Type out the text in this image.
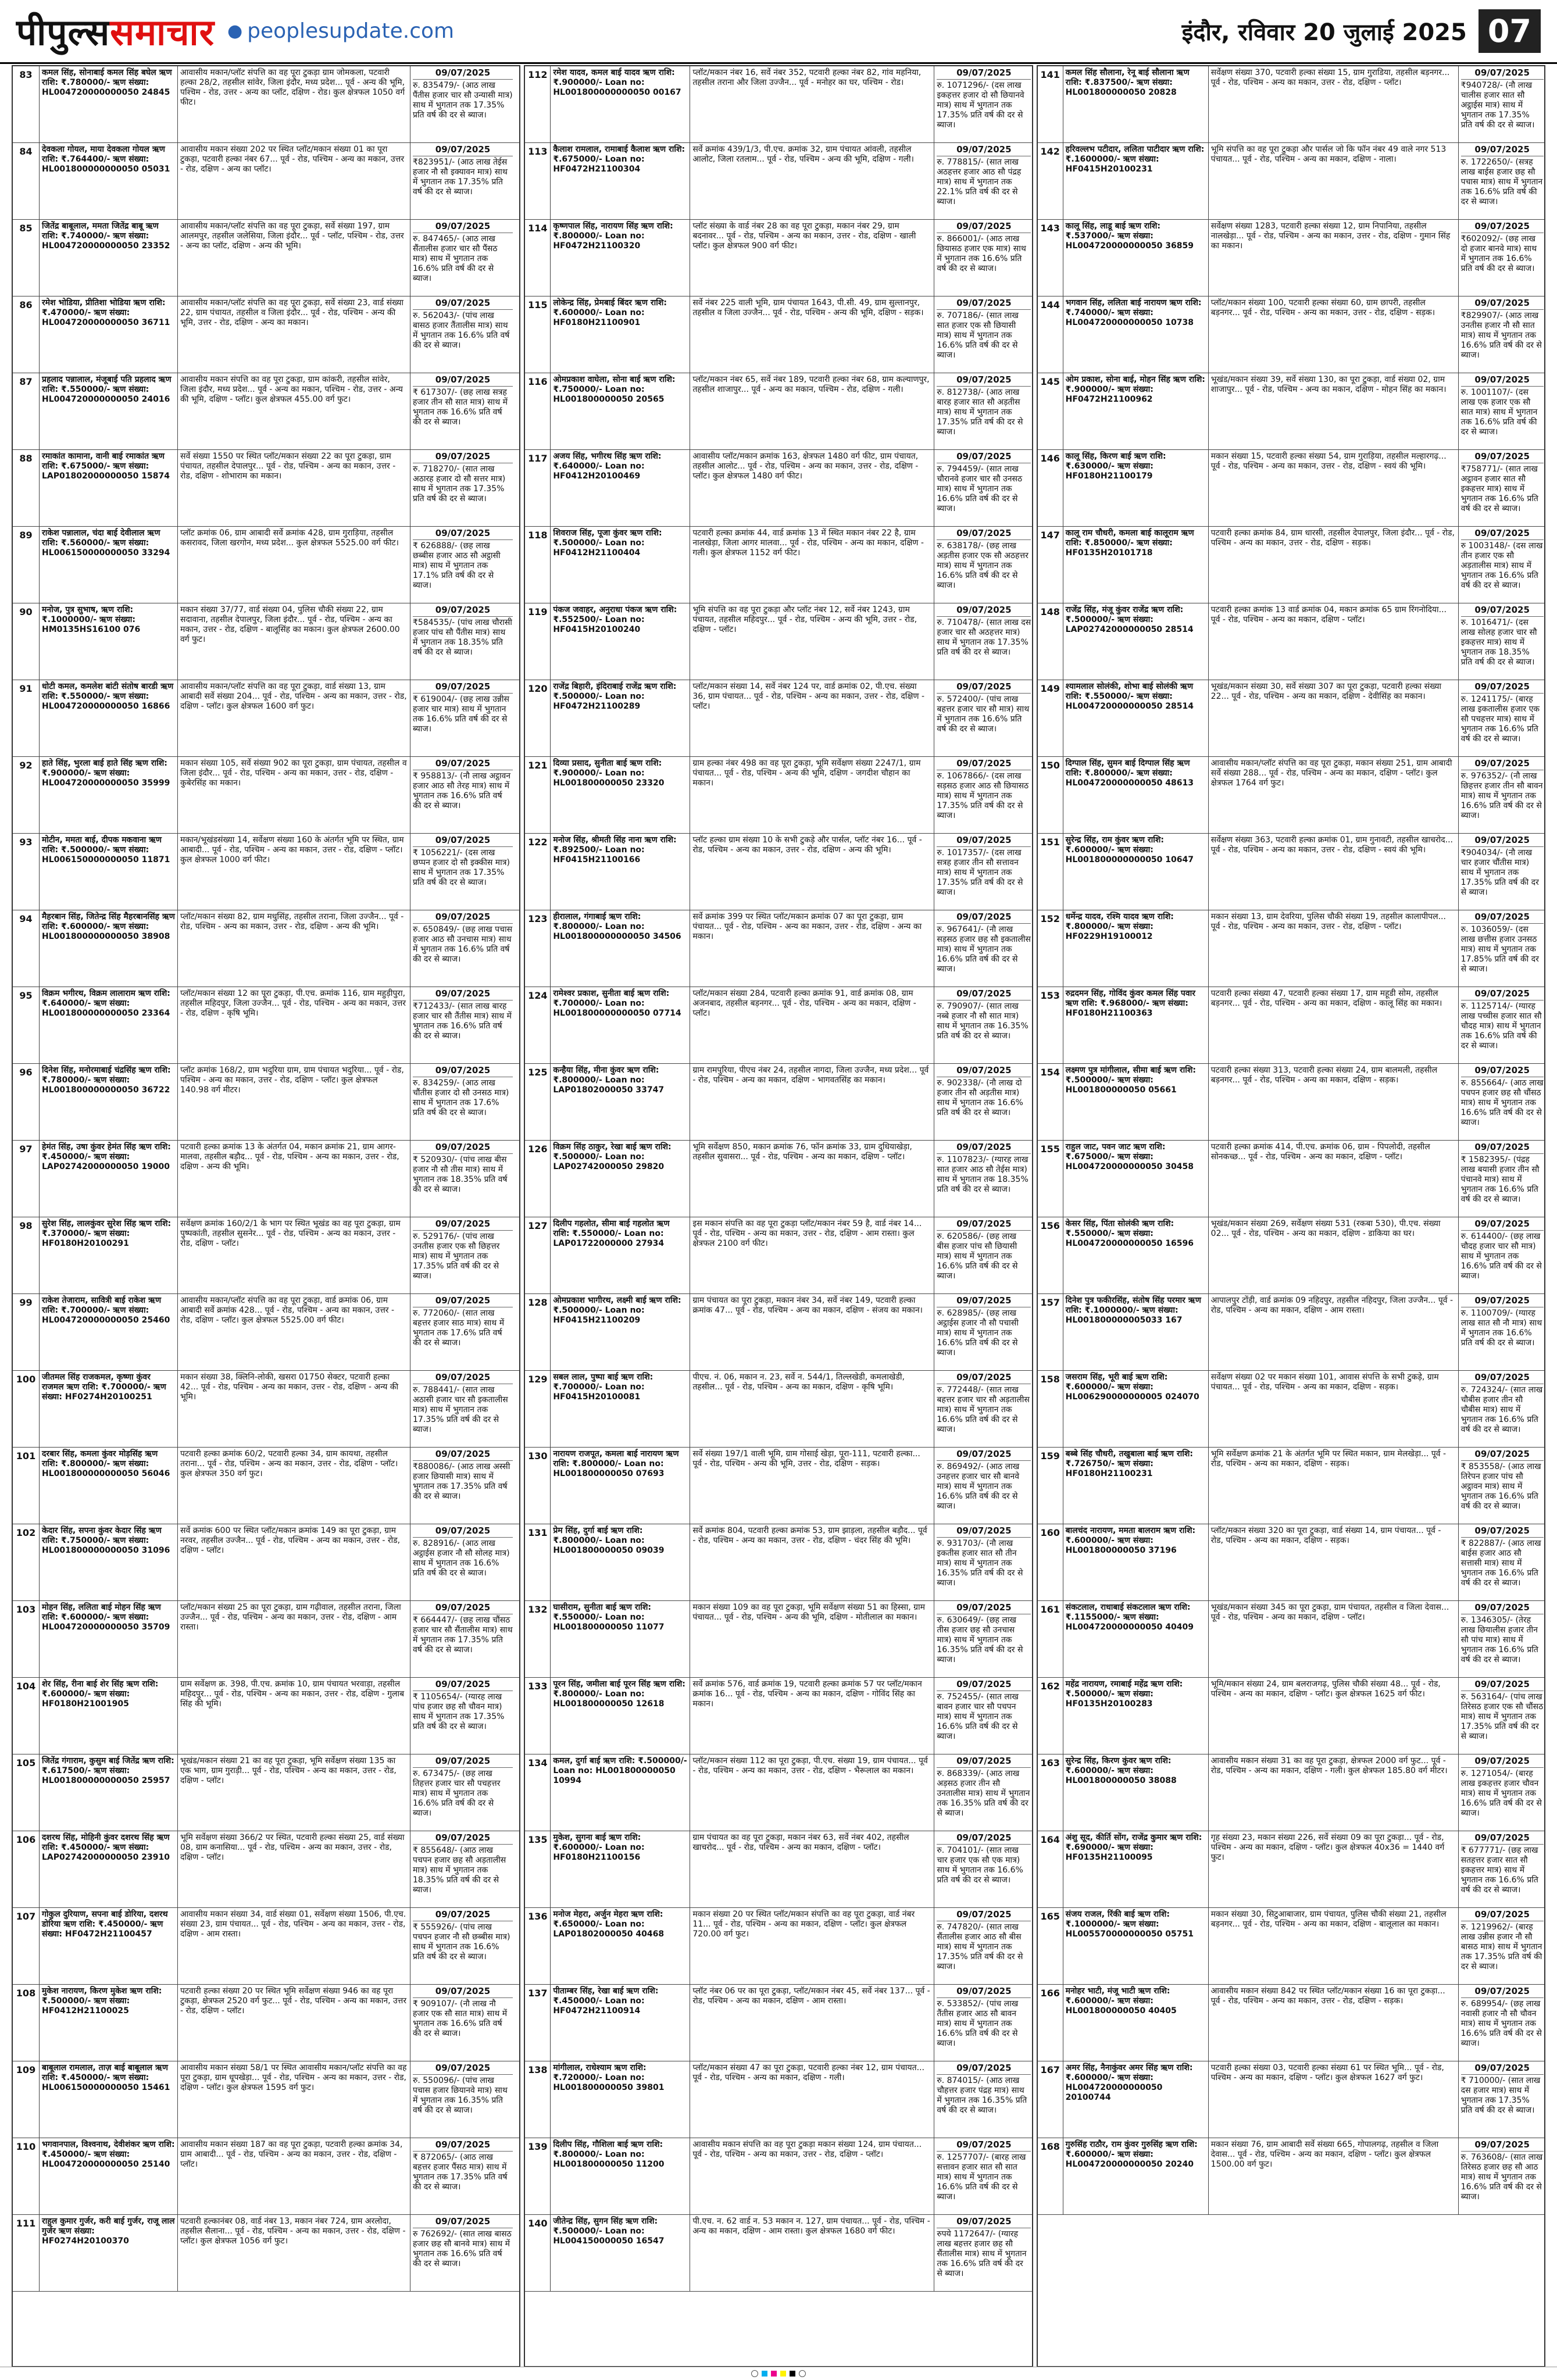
पीपुल्ससमाचार ● peoplesupdate.com	इंदौर, रविवार 20 जुलाई 2025 07
83	कमल सिंह, सोनाबाई कमल सिंह बघेल ऋण राशि: ₹.780000/- ऋण संख्या: HL004720000000050 24845
आवासीय मकान/प्लॉट संपत्ति का वह पूरा टुकड़ा ग्राम जोमकला, पटवारी हल्का 28/2, तहसील सांवेर, जिला इंदौर, मध्य प्रदेश... पूर्व - अन्य की भूमि, पश्चिम - रोड, उत्तर - अन्य का प्लॉट, दक्षिण - रोड। कुल क्षेत्रफल 1050 वर्ग फीट।
09/07/2025
रु. 835479/- (आठ लाख पैंतीस हजार चार सौ उन्यासी मात्र) साथ में भुगतान तक 17.35% प्रति वर्ष की दर से ब्याज।
84	देवकला गोयल, माया देवकला गोयल ऋण राशि: ₹.764400/- ऋण संख्या: HL001800000000050 05031
आवासीय मकान संख्या 202 पर स्थित प्लॉट/मकान संख्या 01 का पूरा टुकड़ा, पटवारी हल्का नंबर 67... पूर्व - रोड, पश्चिम - अन्य का मकान, उत्तर - रोड, दक्षिण - अन्य का प्लॉट।
09/07/2025
₹823951/- (आठ लाख तेईस हजार नौ सौ इक्यावन मात्र) साथ में भुगतान तक 17.35% प्रति वर्ष की दर से ब्याज।
85	जितेंद्र बाबूलाल, ममता जितेंद्र बाबू ऋण राशि: ₹.740000/- ऋण संख्या: HL004720000000050 23352
आवासीय मकान/प्लॉट संपत्ति का वह पूरा टुकड़ा, सर्वे संख्या 197, ग्राम आलमपुर, तहसील जलेसिया, जिला इंदौर... पूर्व - प्लॉट, पश्चिम - रोड, उत्तर - अन्य का प्लॉट, दक्षिण - अन्य की भूमि।
09/07/2025
रु. 847465/- (आठ लाख सैंतालीस हजार चार सौ पैंसठ मात्र) साथ में भुगतान तक 16.6% प्रति वर्ष की दर से ब्याज।
86	रमेश भोडिया, प्रीतिशा भोडिया ऋण राशि: ₹.470000/- ऋण संख्या: HL004720000000050 36711
आवासीय मकान/प्लॉट संपत्ति का वह पूरा टुकड़ा, सर्वे संख्या 23, वार्ड संख्या 22, ग्राम पंचायत, तहसील व जिला इंदौर... पूर्व - रोड, पश्चिम - अन्य की भूमि, उत्तर - रोड, दक्षिण - अन्य का मकान।
09/07/2025
रु. 562043/- (पांच लाख बासठ हजार तैंतालीस मात्र) साथ में भुगतान तक 16.6% प्रति वर्ष की दर से ब्याज।
87	प्रहलाद पन्नालाल, मंजूबाई पति प्रहलाद ऋण राशि: ₹.550000/- ऋण संख्या: HL004720000000050 24016
आवासीय मकान संपत्ति का वह पूरा टुकड़ा, ग्राम कांकरी, तहसील सांवेर, जिला इंदौर, मध्य प्रदेश... पूर्व - अन्य का मकान, पश्चिम - रोड, उत्तर - अन्य की भूमि, दक्षिण - प्लॉट। कुल क्षेत्रफल 455.00 वर्ग फुट।
09/07/2025
₹ 617307/- (छह लाख सत्रह हजार तीन सौ सात मात्र) साथ में भुगतान तक 16.6% प्रति वर्ष की दर से ब्याज।
88	रमाकांत कामाना, वानी बाई रमाकांत ऋण राशि: ₹.675000/- ऋण संख्या: LAP01802000000050 15874
सर्वे संख्या 1550 पर स्थित प्लॉट/मकान संख्या 22 का पूरा टुकड़ा, ग्राम पंचायत, तहसील देपालपुर... पूर्व - रोड, पश्चिम - अन्य का मकान, उत्तर - रोड, दक्षिण - शोभाराम का मकान।
09/07/2025
रु. 718270/- (सात लाख अठारह हजार दो सौ सत्तर मात्र) साथ में भुगतान तक 17.35% प्रति वर्ष की दर से ब्याज।
89	राकेश पन्नालाल, चंदा बाई देवीलाल ऋण राशि: ₹.560000/- ऋण संख्या: HL006150000000050 33294
प्लॉट क्रमांक 06, ग्राम आबादी सर्वे क्रमांक 428, ग्राम गुराड़िया, तहसील कसरावद, जिला खरगोन, मध्य प्रदेश... कुल क्षेत्रफल 5525.00 वर्ग फीट।
09/07/2025
₹ 626888/- (छह लाख छब्बीस हजार आठ सौ अट्ठासी मात्र) साथ में भुगतान तक 17.1% प्रति वर्ष की दर से ब्याज।
90	मनोज, पुत्र सुभाष, ऋण राशि: ₹.1000000/- ऋण संख्या: HM0135HS16100 076
मकान संख्या 37/77, वार्ड संख्या 04, पुलिस चौकी संख्या 22, ग्राम सदावाना, तहसील देपालपुर, जिला इंदौर... पूर्व - रोड, पश्चिम - अन्य का मकान, उत्तर - रोड, दक्षिण - बालूसिंह का मकान। कुल क्षेत्रफल 2600.00 वर्ग फुट।
09/07/2025
₹584535/- (पांच लाख चौरासी हजार पांच सौ पैंतीस मात्र) साथ में भुगतान तक 18.35% प्रति वर्ष की दर से ब्याज।
91	धोटी कमल, कमलेश बांटी संतोष बारडी ऋण राशि: ₹.550000/- ऋण संख्या: HL004720000000050 16866
आवासीय मकान/प्लॉट संपत्ति का वह पूरा टुकड़ा, वार्ड संख्या 13, ग्राम आबादी सर्वे संख्या 204... पूर्व - रोड, पश्चिम - अन्य का मकान, उत्तर - रोड, दक्षिण - प्लॉट। कुल क्षेत्रफल 1600 वर्ग फुट।
09/07/2025
₹ 619004/- (छह लाख उन्नीस हजार चार मात्र) साथ में भुगतान तक 16.6% प्रति वर्ष की दर से ब्याज।
92	हाते सिंह, भुरला बाई हाते सिंह ऋण राशि: ₹.900000/- ऋण संख्या: HL004720000000050 35999
मकान संख्या 105, सर्वे संख्या 902 का पूरा टुकड़ा, ग्राम पंचायत, तहसील व जिला इंदौर... पूर्व - रोड, पश्चिम - अन्य का मकान, उत्तर - रोड, दक्षिण - कुबेरसिंह का मकान।
09/07/2025
₹ 958813/- (नौ लाख अट्ठावन हजार आठ सौ तेरह मात्र) साथ में भुगतान तक 16.6% प्रति वर्ष की दर से ब्याज।
93	मोटीन, ममता बाई, दीपक मकवाना ऋण राशि: ₹.500000/- ऋण संख्या: HL006150000000050 11871
मकान/भूखंडसंख्या 14, सर्वेक्षण संख्या 160 के अंतर्गत भूमि पर स्थित, ग्राम आबादी... पूर्व - रोड, पश्चिम - अन्य का मकान, उत्तर - रोड, दक्षिण - प्लॉट। कुल क्षेत्रफल 1000 वर्ग फीट।
09/07/2025
₹ 1056221/- (दस लाख छप्पन हजार दो सौ इक्कीस मात्र) साथ में भुगतान तक 17.35% प्रति वर्ष की दर से ब्याज।
94	मैहरबान सिंह, जितेन्द्र सिंह मैहरबानसिंह ऋण राशि: ₹.600000/- ऋण संख्या: HL001800000000050 38908
प्लॉट/मकान संख्या 82, ग्राम मधुसिंह, तहसील तराना, जिला उज्जैन... पूर्व - रोड, पश्चिम - अन्य का मकान, उत्तर - रोड, दक्षिण - अन्य की भूमि।
09/07/2025
रु. 650849/- (छह लाख पचास हजार आठ सौ उनचास मात्र) साथ में भुगतान तक 16.6% प्रति वर्ष की दर से ब्याज।
95	विक्रम भगीरथ, विक्रम लालाराम ऋण राशि: ₹.640000/- ऋण संख्या: HL001800000000050 23364
प्लॉट/मकान संख्या 12 का पूरा टुकड़ा, पी.एच. क्रमांक 116, ग्राम महुड़ीपुरा, तहसील महिदपुर, जिला उज्जैन... पूर्व - रोड, पश्चिम - अन्य का मकान, उत्तर - रोड, दक्षिण - कृषि भूमि।
09/07/2025
₹712433/- (सात लाख बारह हजार चार सौ तैंतीस मात्र) साथ में भुगतान तक 16.6% प्रति वर्ष की दर से ब्याज।
96	दिनेश सिंह, मनोरमाबाई चंद्रसिंह ऋण राशि: ₹.780000/- ऋण संख्या: HL001800000000050 36722
प्लॉट क्रमांक 168/2, ग्राम भदुरिया ग्राम, ग्राम पंचायत भदुरिया... पूर्व - रोड, पश्चिम - अन्य का मकान, उत्तर - रोड, दक्षिण - प्लॉट। कुल क्षेत्रफल 140.98 वर्ग मीटर।
09/07/2025
रु. 834259/- (आठ लाख चौंतीस हजार दो सौ उनसठ मात्र) साथ में भुगतान तक 17.6% प्रति वर्ष की दर से ब्याज।
97	हेमंत सिंह, उषा कुंवर हेमंत सिंह ऋण राशि: ₹.450000/- ऋण संख्या: LAP02742000000050 19000
पटवारी हल्का क्रमांक 13 के अंतर्गत 04, मकान क्रमांक 21, ग्राम आगर-मालवा, तहसील बड़ौद... पूर्व - रोड, पश्चिम - अन्य का मकान, उत्तर - रोड, दक्षिण - अन्य की भूमि।
09/07/2025
₹ 520930/- (पांच लाख बीस हजार नौ सौ तीस मात्र) साथ में भुगतान तक 18.35% प्रति वर्ष की दर से ब्याज।
98	सुरेश सिंह, लालकुंवर सुरेश सिंह ऋण राशि: ₹.370000/- ऋण संख्या: HF0180H20100291
सर्वेक्षण क्रमांक 160/2/1 के भाग पर स्थित भूखंड का वह पूरा टुकड़ा, ग्राम पुष्पकांती, तहसील सुसनेर... पूर्व - रोड, पश्चिम - अन्य का मकान, उत्तर - रोड, दक्षिण - प्लॉट।
09/07/2025
रु. 529176/- (पांच लाख उनतीस हजार एक सौ छिहत्तर मात्र) साथ में भुगतान तक 17.35% प्रति वर्ष की दर से ब्याज।
99	राकेश तेजाराम, सावित्री बाई राकेश ऋण राशि: ₹.700000/- ऋण संख्या: HL004720000000050 25460
आवासीय मकान/प्लॉट संपत्ति का वह पूरा टुकड़ा, वार्ड क्रमांक 06, ग्राम आबादी सर्वे क्रमांक 428... पूर्व - रोड, पश्चिम - अन्य का मकान, उत्तर - रोड, दक्षिण - प्लॉट। कुल क्षेत्रफल 5525.00 वर्ग फीट।
09/07/2025
रु. 772060/- (सात लाख बहत्तर हजार साठ मात्र) साथ में भुगतान तक 17.6% प्रति वर्ष की दर से ब्याज।
100 जीतमल सिंह राजकमल, कृष्णा कुंवर राजमल ऋण राशि: ₹.700000/- ऋण संख्या: HF0274H20100251
मकान संख्या 38, क्लिनि-लोकी, खसरा 01750 सेक्टर, पटवारी हल्का 42... पूर्व - रोड, पश्चिम - अन्य का मकान, उत्तर - रोड, दक्षिण - अन्य की भूमि।
09/07/2025
रु. 788441/- (सात लाख अठासी हजार चार सौ इकतालीस मात्र) साथ में भुगतान तक 17.35% प्रति वर्ष की दर से ब्याज।
101 दरबार सिंह, कमला कुंवर मोड़सिंह ऋण राशि: ₹.800000/- ऋण संख्या: HL001800000000050 56046
पटवारी हल्का क्रमांक 60/2, पटवारी हल्का 34, ग्राम कायथा, तहसील तराना... पूर्व - रोड, पश्चिम - अन्य का मकान, उत्तर - रोड, दक्षिण - प्लॉट। कुल क्षेत्रफल 350 वर्ग फुट।
09/07/2025
₹880086/- (आठ लाख अस्सी हजार छियासी मात्र) साथ में भुगतान तक 17.35% प्रति वर्ष की दर से ब्याज।
102 केदार सिंह, सपना कुंवर केदार सिंह ऋण राशि: ₹.750000/- ऋण संख्या: HL001800000000050 31096
सर्वे क्रमांक 600 पर स्थित प्लॉट/मकान क्रमांक 149 का पूरा टुकड़ा, ग्राम नरवर, तहसील उज्जैन... पूर्व - रोड, पश्चिम - अन्य का मकान, उत्तर - रोड, दक्षिण - प्लॉट।
09/07/2025
रु. 828916/- (आठ लाख अट्ठाईस हजार नौ सौ सोलह मात्र) साथ में भुगतान तक 16.6% प्रति वर्ष की दर से ब्याज।
103 मोहन सिंह, ललिता बाई मोहन सिंह ऋण राशि: ₹.600000/- ऋण संख्या: HL004720000000050 35709
प्लॉट/मकान संख्या 25 का पूरा टुकड़ा, ग्राम गढ़ीवाल, तहसील तराना, जिला उज्जैन... पूर्व - रोड, पश्चिम - अन्य का मकान, उत्तर - रोड, दक्षिण - आम रास्ता।
09/07/2025
₹ 664447/- (छह लाख चौंसठ हजार चार सौ सैंतालीस मात्र) साथ में भुगतान तक 17.35% प्रति वर्ष की दर से ब्याज।
104 शेर सिंह, रीना बाई शेर सिंह ऋण राशि: ₹.600000/- ऋण संख्या: HF0180H21001905
ग्राम सर्वेक्षण क्र. 398, पी.एच. क्रमांक 10, ग्राम पंचायत भरवाड़ा, तहसील महिदपुर... पूर्व - रोड, पश्चिम - अन्य का मकान, उत्तर - रोड, दक्षिण - गुलाब सिंह की भूमि।
09/07/2025
₹ 1105654/- (ग्यारह लाख पांच हजार छह सौ चौवन मात्र) साथ में भुगतान तक 17.35% प्रति वर्ष की दर से ब्याज।
105 जितेंद्र गंगाराम, कुसुम बाई जितेंद्र ऋण राशि: ₹.617500/- ऋण संख्या: HL001800000000050 25957
भूखंड/मकान संख्या 21 का वह पूरा टुकड़ा, भूमि सर्वेक्षण संख्या 135 का एक भाग, ग्राम गुराड़ी... पूर्व - रोड, पश्चिम - अन्य का मकान, उत्तर - रोड, दक्षिण - प्लॉट।
09/07/2025
रु. 673475/- (छह लाख तिहत्तर हजार चार सौ पचहत्तर मात्र) साथ में भुगतान तक 16.6% प्रति वर्ष की दर से ब्याज।
106 दशरथ सिंह, मोहिनी कुंवर दशरथ सिंह ऋण राशि: ₹.450000/- ऋण संख्या: LAP02742000000050 23910
भूमि सर्वेक्षण संख्या 366/2 पर स्थित, पटवारी हल्का संख्या 25, वार्ड संख्या 08, ग्राम कनासिया... पूर्व - रोड, पश्चिम - अन्य का मकान, उत्तर - रोड, दक्षिण - प्लॉट।
09/07/2025
₹ 855648/- (आठ लाख पचपन हजार छह सौ अड़तालीस मात्र) साथ में भुगतान तक 18.35% प्रति वर्ष की दर से ब्याज।
107 गोकुल दुरियाण, सपना बाई डोरिया, दशरथ डोरिया ऋण राशि: ₹.450000/- ऋण संख्या: HF0472H21100457
आवासीय मकान संख्या 34, वार्ड संख्या 01, सर्वेक्षण संख्या 1506, पी.एच. संख्या 23, ग्राम पंचायत... पूर्व - रोड, पश्चिम - अन्य का मकान, उत्तर - रोड, दक्षिण - आम रास्ता।
09/07/2025
₹ 555926/- (पांच लाख पचपन हजार नौ सौ छब्बीस मात्र) साथ में भुगतान तक 16.6% प्रति वर्ष की दर से ब्याज।
108 मुकेश नारायण, किरण मुकेश ऋण राशि: ₹.500000/- ऋण संख्या: HF0412H21100025
पटवारी हल्का संख्या 20 पर स्थित भूमि सर्वेक्षण संख्या 946 का वह पूरा टुकड़ा, क्षेत्रफल 2520 वर्ग फुट... पूर्व - रोड, पश्चिम - अन्य का मकान, उत्तर - रोड, दक्षिण - प्लॉट।
09/07/2025
₹ 909107/- (नौ लाख नौ हजार एक सौ सात मात्र) साथ में भुगतान तक 16.6% प्रति वर्ष की दर से ब्याज।
109 बाबूलाल रामलाल, ताज़ बाई बाबूलाल ऋण राशि: ₹.450000/- ऋण संख्या: HL006150000000050 15461
आवासीय मकान संख्या 58/1 पर स्थित आवासीय मकान/प्लॉट संपत्ति का वह पूरा टुकड़ा, ग्राम धूपखेड़ा... पूर्व - रोड, पश्चिम - अन्य का मकान, उत्तर - रोड, दक्षिण - प्लॉट। कुल क्षेत्रफल 1595 वर्ग फुट।
09/07/2025
रु. 550096/- (पांच लाख पचास हजार छियानवे मात्र) साथ में भुगतान तक 16.35% प्रति वर्ष की दर से ब्याज।
110 भगवानपाल, विश्वनाथ, देवीशंकर ऋण राशि: ₹.450000/- ऋण संख्या: HL004720000000050 25140
आवासीय मकान संख्या 187 का वह पूरा टुकड़ा, पटवारी हल्का क्रमांक 34, ग्राम आबादी... पूर्व - रोड, पश्चिम - अन्य का मकान, उत्तर - रोड, दक्षिण - प्लॉट।
09/07/2025
₹ 872065/- (आठ लाख बहत्तर हजार पैंसठ मात्र) साथ में भुगतान तक 17.35% प्रति वर्ष की दर से ब्याज।
111 राहुल कुमार गुर्जर, करी बाई गुर्जर, राजू लाल गुर्जर ऋण संख्या: HF0274H20100370
पटवारी हल्कानंबर 08, वार्ड नंबर 13, मकान नंबर 724, ग्राम अरलोदा, तहसील सैलाना... पूर्व - रोड, पश्चिम - अन्य का मकान, उत्तर - रोड, दक्षिण - प्लॉट। कुल क्षेत्रफल 1056 वर्ग फुट।
09/07/2025
रु 762692/- (सात लाख बासठ हजार छह सौ बानवे मात्र) साथ में भुगतान तक 16.6% प्रति वर्ष की दर से ब्याज।
112 रमेश यादव, कमल बाई यादव ऋण राशि: ₹.900000/- Loan no: HL001800000000050 00167
प्लॉट/मकान नंबर 16, सर्वे नंबर 352, पटवारी हल्का नंबर 82, गांव महनिया, तहसील तराना और जिला उज्जैन... पूर्व - मनोहर का घर, पश्चिम - रोड।
09/07/2025
रु. 1071296/- (दस लाख इकहत्तर हजार दो सौ छियानवे मात्र) साथ में भुगतान तक 17.35% प्रति वर्ष की दर से ब्याज।
113 कैलाश रामलाल, रामाबाई कैलाश ऋण राशि: ₹.675000/- Loan no: HF0472H21100304
सर्वे क्रमांक 439/1/3, पी.एच. क्रमांक 32, ग्राम पंचायत आंवली, तहसील आलोट, जिला रतलाम... पूर्व - रोड, पश्चिम - अन्य की भूमि, दक्षिण - गली।
09/07/2025
रु. 778815/- (सात लाख अठहत्तर हजार आठ सौ पंद्रह मात्र) साथ में भुगतान तक 22.1% प्रति वर्ष की दर से ब्याज।
114 कृष्णपाल सिंह, नारायण सिंह ऋण राशि: ₹.800000/- Loan no: HF0472H21100320
प्लॉट संख्या के वार्ड नंबर 28 का वह पूरा टुकड़ा, मकान नंबर 29, ग्राम बदनावर... पूर्व - रोड, पश्चिम - अन्य का मकान, उत्तर - रोड, दक्षिण - खाली प्लॉट। कुल क्षेत्रफल 900 वर्ग फीट।
09/07/2025
रु. 866001/- (आठ लाख छियासठ हजार एक मात्र) साथ में भुगतान तक 16.6% प्रति वर्ष की दर से ब्याज।
115 लोकेन्द्र सिंह, प्रेमबाई बिंदर ऋण राशि: ₹.600000/- Loan no: HF0180H21100901
सर्वे नंबर 225 वाली भूमि, ग्राम पंचायत 1643, पी.सी. 49, ग्राम सुल्तानपुर, तहसील व जिला उज्जैन... पूर्व - रोड, पश्चिम - अन्य की भूमि, दक्षिण - सड़क।
09/07/2025
रु. 707186/- (सात लाख सात हजार एक सौ छियासी मात्र) साथ में भुगतान तक 16.6% प्रति वर्ष की दर से ब्याज।
116 ओमप्रकाश वाघेला, सोना बाई ऋण राशि: ₹.750000/- Loan no: HL001800000050 20565
प्लॉट/मकान नंबर 65, सर्वे नंबर 189, पटवारी हल्का नंबर 68, ग्राम कल्याणपुर, तहसील शाजापुर... पूर्व - अन्य का मकान, पश्चिम - रोड, दक्षिण - गली।
09/07/2025
रु. 812738/- (आठ लाख बारह हजार सात सौ अड़तीस मात्र) साथ में भुगतान तक 17.35% प्रति वर्ष की दर से ब्याज।
117 अजय सिंह, भगीरथ सिंह ऋण राशि: ₹.640000/- Loan no: HF0412H20100469
आवासीय प्लॉट/मकान क्रमांक 163, क्षेत्रफल 1480 वर्ग फीट, ग्राम पंचायत, तहसील आलोट... पूर्व - रोड, पश्चिम - अन्य का मकान, उत्तर - रोड, दक्षिण - प्लॉट। कुल क्षेत्रफल 1480 वर्ग फीट।
09/07/2025
रु. 794459/- (सात लाख चौरानवे हजार चार सौ उनसठ मात्र) साथ में भुगतान तक 16.6% प्रति वर्ष की दर से ब्याज।
118 शिवराज सिंह, पूजा कुंवर ऋण राशि: ₹.500000/- Loan no: HF0412H21100404
पटवारी हल्का क्रमांक 44, वार्ड क्रमांक 13 में स्थित मकान नंबर 22 है, ग्राम नालखेड़ा, जिला आगर मालवा... पूर्व - रोड, पश्चिम - अन्य का मकान, दक्षिण - गली। कुल क्षेत्रफल 1152 वर्ग फीट।
09/07/2025
रु. 638178/- (छह लाख अड़तीस हजार एक सौ अठहत्तर मात्र) साथ में भुगतान तक 16.6% प्रति वर्ष की दर से ब्याज।
119 पंकज जवाहर, अनुराधा पंकज ऋण राशि: ₹.552500/- Loan no: HF0415H20100240
भूमि संपत्ति का वह पूरा टुकड़ा और प्लॉट नंबर 12, सर्वे नंबर 1243, ग्राम पंचायत, तहसील महिदपुर... पूर्व - रोड, पश्चिम - अन्य की भूमि, उत्तर - रोड, दक्षिण - प्लॉट।
09/07/2025
रु. 710478/- (सात लाख दस हजार चार सौ अठहत्तर मात्र) साथ में भुगतान तक 17.35% प्रति वर्ष की दर से ब्याज।
120 राजेंद्र बिहारी, इंदिराबाई राजेंद्र ऋण राशि: ₹.500000/- Loan no: HF0472H21100289
प्लॉट/मकान संख्या 14, सर्वे नंबर 124 पर, वार्ड क्रमांक 02, पी.एच. संख्या 36, ग्राम पंचायत... पूर्व - रोड, पश्चिम - अन्य का मकान, उत्तर - रोड, दक्षिण - प्लॉट।
09/07/2025
रु. 572400/- (पांच लाख बहत्तर हजार चार सौ मात्र) साथ में भुगतान तक 16.6% प्रति वर्ष की दर से ब्याज।
121 दिव्या प्रसाद, सुनीता बाई ऋण राशि: ₹.900000/- Loan no: HL001800000050 23320
ग्राम हल्का नंबर 498 का वह पूरा टुकड़ा, भूमि सर्वेक्षण संख्या 2247/1, ग्राम पंचायत... पूर्व - रोड, पश्चिम - अन्य की भूमि, दक्षिण - जगदीश चौहान का मकान।
09/07/2025
रु. 1067866/- (दस लाख सड़सठ हजार आठ सौ छियासठ मात्र) साथ में भुगतान तक 17.35% प्रति वर्ष की दर से ब्याज।
122 मनोज सिंह, श्रीमती सिंह नाना ऋण राशि: ₹.892500/- Loan no: HF0415H21100166
प्लॉट हल्का ग्राम संख्या 10 के सभी टुकड़े और पार्सल, प्लॉट नंबर 16... पूर्व - रोड, पश्चिम - अन्य का मकान, उत्तर - रोड, दक्षिण - अन्य की भूमि।
09/07/2025
रु. 1017357/- (दस लाख सत्रह हजार तीन सौ सत्तावन मात्र) साथ में भुगतान तक 17.35% प्रति वर्ष की दर से ब्याज।
123 हीरालाल, गंगाबाई ऋण राशि: ₹.800000/- Loan no: HL001800000000050 34506
सर्वे क्रमांक 399 पर स्थित प्लॉट/मकान क्रमांक 07 का पूरा टुकड़ा, ग्राम पंचायत... पूर्व - रोड, पश्चिम - अन्य का मकान, उत्तर - रोड, दक्षिण - अन्य का मकान।
09/07/2025
रु. 967641/- (नौ लाख सड़सठ हजार छह सौ इकतालीस मात्र) साथ में भुगतान तक 16.6% प्रति वर्ष की दर से ब्याज।
124 रामेश्वर प्रकाश, सुनीता बाई ऋण राशि: ₹.700000/- Loan no: HL001800000000050 07714
प्लॉट/मकान संख्या 284, पटवारी हल्का क्रमांक 91, वार्ड क्रमांक 08, ग्राम अजनबाद, तहसील बड़नगर... पूर्व - रोड, पश्चिम - अन्य का मकान, दक्षिण - प्लॉट।
09/07/2025
रु. 790907/- (सात लाख नब्बे हजार नौ सौ सात मात्र) साथ में भुगतान तक 16.35% प्रति वर्ष की दर से ब्याज।
125 कन्हैया सिंह, मीना कुंवर ऋण राशि: ₹.800000/- Loan no: LAP01802000050 33747
ग्राम रामपुरिया, पीएच नंबर 24, तहसील नागदा, जिला उज्जैन, मध्य प्रदेश... पूर्व - रोड, पश्चिम - अन्य का मकान, दक्षिण - भागवतसिंह का मकान।
09/07/2025
रु. 902338/- (नौ लाख दो हजार तीन सौ अड़तीस मात्र) साथ में भुगतान तक 16.6% प्रति वर्ष की दर से ब्याज।
126 विक्रम सिंह ठाकुर, रेखा बाई ऋण राशि: ₹.500000/- Loan no: LAP02742000050 29820
भूमि सर्वेक्षण 850, मकान क्रमांक 76, फॉन क्रमांक 33, ग्राम दुधियाखेड़ा, तहसील सुवासरा... पूर्व - रोड, पश्चिम - अन्य का मकान, दक्षिण - प्लॉट।
09/07/2025
रु. 1107823/- (ग्यारह लाख सात हजार आठ सौ तेईस मात्र) साथ में भुगतान तक 18.35% प्रति वर्ष की दर से ब्याज।
127 दिलीप गहलोत, सीमा बाई गहलोत ऋण राशि: ₹.550000/- Loan no: LAP01722000000 27934
इस मकान संपत्ति का वह पूरा टुकड़ा प्लॉट/मकान नंबर 59 है, वार्ड नंबर 14... पूर्व - रोड, पश्चिम - अन्य का मकान, उत्तर - रोड, दक्षिण - आम रास्ता। कुल क्षेत्रफल 2100 वर्ग फीट।
09/07/2025
रु. 620586/- (छह लाख बीस हजार पांच सौ छियासी मात्र) साथ में भुगतान तक 16.6% प्रति वर्ष की दर से ब्याज।
128 ओमप्रकाश भागीरथ, लक्ष्मी बाई ऋण राशि: ₹.500000/- Loan no: HF0415H21100209
ग्राम पंचायत का पूरा टुकड़ा, मकान नंबर 34, सर्वे नंबर 149, पटवारी हल्का क्रमांक 47... पूर्व - रोड, पश्चिम - अन्य का मकान, दक्षिण - संजय का मकान।
09/07/2025
रु. 628985/- (छह लाख अट्ठाईस हजार नौ सौ पचासी मात्र) साथ में भुगतान तक 16.6% प्रति वर्ष की दर से ब्याज।
129 सबल लाल, पुष्पा बाई ऋण राशि: ₹.700000/- Loan no: HF0415H20100081
पीएच. नं. 06, मकान न. 23, सर्वे न. 544/1, तिल्लखेडी, कमलाखेडी, तहसील... पूर्व - रोड, पश्चिम - अन्य का मकान, दक्षिण - कृषि भूमि।
09/07/2025
रु. 772448/- (सात लाख बहत्तर हजार चार सौ अड़तालीस मात्र) साथ में भुगतान तक 16.6% प्रति वर्ष की दर से ब्याज।
130 नारायण राजपूत, कमला बाई नारायण ऋण राशि: ₹.800000/- Loan no: HL001800000050 07693
सर्वे संख्या 197/1 वाली भूमि, ग्राम गोसाई खेड़ा, पूरा-111, पटवारी हल्का... पूर्व - रोड, पश्चिम - अन्य की भूमि, उत्तर - रोड, दक्षिण - सड़क।
09/07/2025
रु. 869492/- (आठ लाख उनहत्तर हजार चार सौ बानवे मात्र) साथ में भुगतान तक 16.6% प्रति वर्ष की दर से ब्याज।
131 प्रेम सिंह, दुर्गा बाई ऋण राशि: ₹.800000/- Loan no: HL001800000050 09039
सर्वे क्रमांक 804, पटवारी हल्का क्रमांक 53, ग्राम झाड़ला, तहसील बड़ौद... पूर्व - रोड, पश्चिम - अन्य का मकान, उत्तर - रोड, दक्षिण - चंदर सिंह की भूमि।
09/07/2025
रु. 931703/- (नौ लाख इकतीस हजार सात सौ तीन मात्र) साथ में भुगतान तक 16.35% प्रति वर्ष की दर से ब्याज।
132 घासीराम, सुनीता बाई ऋण राशि: ₹.550000/- Loan no: HL001800000050 11077
मकान संख्या 109 का वह पूरा टुकड़ा, भूमि सर्वेक्षण संख्या 51 का हिस्सा, ग्राम पंचायत... पूर्व - रोड, पश्चिम - अन्य की भूमि, दक्षिण - मोतीलाल का मकान।
09/07/2025
रु. 630649/- (छह लाख तीस हजार छह सौ उनचास मात्र) साथ में भुगतान तक 16.35% प्रति वर्ष की दर से ब्याज।
133 पूरन सिंह, जमीला बाई पूरन सिंह ऋण राशि: ₹.800000/- Loan no: HL001800000050 12618
सर्वे क्रमांक 576, वार्ड क्रमांक 19, पटवारी हल्का क्रमांक 57 पर प्लॉट/मकान क्रमांक 16... पूर्व - रोड, पश्चिम - अन्य का मकान, दक्षिण - गोविंद सिंह का मकान।
09/07/2025
रु. 752455/- (सात लाख बावन हजार चार सौ पचपन मात्र) साथ में भुगतान तक 16.6% प्रति वर्ष की दर से ब्याज।
134 कमल, दुर्गा बाई ऋण राशि: ₹.500000/- Loan no: HL001800000050 10994
प्लॉट/मकान संख्या 112 का पूरा टुकड़ा, पी.एच. संख्या 19, ग्राम पंचायत... पूर्व - रोड, पश्चिम - अन्य का मकान, उत्तर - रोड, दक्षिण - भैरूलाल का मकान।
09/07/2025
रु. 868339/- (आठ लाख अड़सठ हजार तीन सौ उनतालीस मात्र) साथ में भुगतान तक 16.35% प्रति वर्ष की दर से ब्याज।
135 मुकेश, सुगना बाई ऋण राशि: ₹.600000/- Loan no: HF0180H21100156
ग्राम पंचायत का वह पूरा टुकड़ा, मकान नंबर 63, सर्वे नंबर 402, तहसील खाचरोद... पूर्व - रोड, पश्चिम - अन्य का मकान, दक्षिण - प्लॉट।
09/07/2025
रु. 704101/- (सात लाख चार हजार एक सौ एक मात्र) साथ में भुगतान तक 16.6% प्रति वर्ष की दर से ब्याज।
136 मनोज मेहरा, अर्जुन मेहरा ऋण राशि: ₹.650000/- Loan no: LAP01802000050 40468
मकान संख्या 20 पर स्थित प्लॉट/मकान संपत्ति का वह पूरा टुकड़ा, वार्ड नंबर 11... पूर्व - रोड, पश्चिम - अन्य का मकान, दक्षिण - प्लॉट। कुल क्षेत्रफल 720.00 वर्ग फुट।
09/07/2025
रु. 747820/- (सात लाख सैंतालीस हजार आठ सौ बीस मात्र) साथ में भुगतान तक 17.35% प्रति वर्ष की दर से ब्याज।
137 पीताम्बर सिंह, रेखा बाई ऋण राशि: ₹.450000/- Loan no: HF0472H21100914
प्लॉट नंबर 06 पर का पूरा टुकड़ा, प्लॉट/मकान नंबर 45, सर्वे नंबर 137... पूर्व - रोड, पश्चिम - अन्य का मकान, दक्षिण - आम रास्ता।
09/07/2025
रु. 533852/- (पांच लाख तैंतीस हजार आठ सौ बावन मात्र) साथ में भुगतान तक 16.6% प्रति वर्ष की दर से ब्याज।
138 मांगीलाल, राधेश्याम ऋण राशि: ₹.720000/- Loan no: HL001800000050 39801
प्लॉट/मकान संख्या 47 का पूरा टुकड़ा, पटवारी हल्का नंबर 12, ग्राम पंचायत... पूर्व - रोड, पश्चिम - अन्य का मकान, दक्षिण - गली।
09/07/2025
रु. 874015/- (आठ लाख चौहत्तर हजार पंद्रह मात्र) साथ में भुगतान तक 16.35% प्रति वर्ष की दर से ब्याज।
139 दिलीप सिंह, गौशिला बाई ऋण राशि: ₹.800000/- Loan no: HL001800000050 11200
आवासीय मकान संपत्ति का वह पूरा टुकड़ा मकान संख्या 124, ग्राम पंचायत... पूर्व - रोड, पश्चिम - अन्य का मकान, उत्तर - रोड, दक्षिण - प्लॉट।
09/07/2025
रु. 1257707/- (बारह लाख सत्तावन हजार सात सौ सात मात्र) साथ में भुगतान तक 16.6% प्रति वर्ष की दर से ब्याज।
140 जीतेन्द्र सिंह, सुगन सिंह ऋण राशि: ₹.500000/- Loan no: HL004150000050 16547
पी.एच. न. 62 वार्ड न. 53 मकान न. 127, ग्राम पंचायत... पूर्व - रोड, पश्चिम - अन्य का मकान, दक्षिण - आम रास्ता। कुल क्षेत्रफल 1680 वर्ग फीट।
09/07/2025
रुपये 1172647/- (ग्यारह लाख बहत्तर हजार छह सौ सैंतालीस मात्र) साथ में भुगतान तक 16.6% प्रति वर्ष की दर से ब्याज।
141 कमल सिंह सौलाना, रेनू बाई सौलाना ऋण राशि: ₹.837500/- ऋण संख्या: HL001800000050 20828
सर्वेक्षण संख्या 370, पटवारी हल्का संख्या 15, ग्राम गुराडिया, तहसील बड़नगर... पूर्व - रोड, पश्चिम - अन्य का मकान, उत्तर - रोड, दक्षिण - प्लॉट।
09/07/2025
₹940728/- (नौ लाख चालीस हजार सात सौ अट्ठाईस मात्र) साथ में भुगतान तक 17.35% प्रति वर्ष की दर से ब्याज।
142 हरिवल्लभ पटीदार, ललिता पाटीदार ऋण राशि: ₹.1600000/- ऋण संख्या: HF0415H20100231
भूमि संपत्ति का वह पूरा टुकड़ा और पार्सल जो कि फॉन नंबर 49 वाले नगर 513 पंचायत... पूर्व - रोड, पश्चिम - अन्य का मकान, दक्षिण - नाला।
09/07/2025
रु. 1722650/- (सत्रह लाख बाईस हजार छह सौ पचास मात्र) साथ में भुगतान तक 16.6% प्रति वर्ष की दर से ब्याज।
143 कालू सिंह, लाडू बाई ऋण राशि: ₹.537000/- ऋण संख्या: HL004720000000050 36859
सर्वेक्षण संख्या 1283, पटवारी हल्का संख्या 12, ग्राम निपानिया, तहसील नालखेड़ा... पूर्व - रोड, पश्चिम - अन्य का मकान, उत्तर - रोड, दक्षिण - गुमान सिंह का मकान।
09/07/2025
₹602092/- (छह लाख दो हजार बानवे मात्र) साथ में भुगतान तक 16.6% प्रति वर्ष की दर से ब्याज।
144 भगवान सिंह, ललिता बाई नारायण ऋण राशि: ₹.740000/- ऋण संख्या: HL004720000000050 10738
प्लॉट/मकान संख्या 100, पटवारी हल्का संख्या 60, ग्राम छापरी, तहसील बड़नगर... पूर्व - रोड, पश्चिम - अन्य का मकान, उत्तर - रोड, दक्षिण - सड़क।
09/07/2025
₹829907/- (आठ लाख उनतीस हजार नौ सौ सात मात्र) साथ में भुगतान तक 16.6% प्रति वर्ष की दर से ब्याज।
145 ओम प्रकाश, सोना बाई, मोहन सिंह ऋण राशि: ₹.900000/- ऋण संख्या: HF0472H21100962
भूखंड/मकान संख्या 39, सर्वे संख्या 130, का पूरा टुकड़ा, वार्ड संख्या 02, ग्राम शाजापुर... पूर्व - रोड, पश्चिम - अन्य का मकान, दक्षिण - मोहन सिंह का मकान।
09/07/2025
रु. 1001107/- (दस लाख एक हजार एक सौ सात मात्र) साथ में भुगतान तक 16.6% प्रति वर्ष की दर से ब्याज।
146 कालू सिंह, किरण बाई ऋण राशि: ₹.630000/- ऋण संख्या: HF0180H21100179
मकान संख्या 15, पटवारी हल्का संख्या 54, ग्राम गुराड़िया, तहसील मल्हारगढ़... पूर्व - रोड, पश्चिम - अन्य का मकान, उत्तर - रोड, दक्षिण - स्वयं की भूमि।
09/07/2025
₹758771/- (सात लाख अट्ठावन हजार सात सौ इकहत्तर मात्र) साथ में भुगतान तक 16.6% प्रति वर्ष की दर से ब्याज।
147 कालू राम चौधरी, कमला बाई कालूराम ऋण राशि: ₹.850000/- ऋण संख्या: HF0135H20101718
पटवारी हल्का क्रमांक 84, ग्राम धारसी, तहसील देपालपुर, जिला इंदौर... पूर्व - रोड, पश्चिम - अन्य का मकान, उत्तर - रोड, दक्षिण - सड़क।
09/07/2025
रु 1003148/- (दस लाख तीन हजार एक सौ अड़तालीस मात्र) साथ में भुगतान तक 16.6% प्रति वर्ष की दर से ब्याज।
148 राजेंद्र सिंह, मंजू कुंवर राजेंद्र ऋण राशि: ₹.500000/- ऋण संख्या: LAP02742000000050 28514
पटवारी हल्का क्रमांक 13 वार्ड क्रमांक 04, मकान क्रमांक 65 ग्राम रिंगनोदिया... पूर्व - रोड, पश्चिम - अन्य का मकान, दक्षिण - प्लॉट।
09/07/2025
रु. 1016471/- (दस लाख सोलह हजार चार सौ इकहत्तर मात्र) साथ में भुगतान तक 18.35% प्रति वर्ष की दर से ब्याज।
149 श्यामलाल सोलंकी, शोभा बाई सोलंकी ऋण राशि: ₹.550000/- ऋण संख्या: HL004720000000050 28514
भूखंड/मकान संख्या 30, सर्वे संख्या 307 का पूरा टुकड़ा, पटवारी हल्का संख्या 22... पूर्व - रोड, पश्चिम - अन्य का मकान, दक्षिण - देवीसिंह का मकान।
09/07/2025
रु. 1241175/- (बारह लाख इकतालीस हजार एक सौ पचहत्तर मात्र) साथ में भुगतान तक 16.6% प्रति वर्ष की दर से ब्याज।
150 दिग्पाल सिंह, सुमन बाई दिग्पाल सिंह ऋण राशि: ₹.800000/- ऋण संख्या: HL004720000000050 48613
आवासीय मकान/प्लॉट संपत्ति का वह पूरा टुकड़ा, मकान संख्या 251, ग्राम आबादी सर्वे संख्या 288... पूर्व - रोड, पश्चिम - अन्य का मकान, दक्षिण - प्लॉट। कुल क्षेत्रफल 1764 वर्ग फुट।
09/07/2025
रु. 976352/- (नौ लाख छिहत्तर हजार तीन सौ बावन मात्र) साथ में भुगतान तक 16.6% प्रति वर्ष की दर से ब्याज।
151 सुरेन्द्र सिंह, राम कुंवर ऋण राशि: ₹.600000/- ऋण संख्या: HL001800000000050 10647
सर्वेक्षण संख्या 363, पटवारी हल्का क्रमांक 01, ग्राम गुनावटी, तहसील खाचरोद... पूर्व - रोड, पश्चिम - अन्य का मकान, उत्तर - रोड, दक्षिण - स्वयं की भूमि।
09/07/2025
₹904034/- (नौ लाख चार हजार चौंतीस मात्र) साथ में भुगतान तक 17.35% प्रति वर्ष की दर से ब्याज।
152 धर्मेन्द्र यादव, रश्मि यादव ऋण राशि: ₹.800000/- ऋण संख्या: HF0229H19100012
मकान संख्या 13, ग्राम देवरिया, पुलिस चौकी संख्या 19, तहसील कालापीपल... पूर्व - रोड, पश्चिम - अन्य का मकान, उत्तर - रोड, दक्षिण - प्लॉट।
09/07/2025
रु. 1036059/- (दस लाख छत्तीस हजार उनसठ मात्र) साथ में भुगतान तक 17.85% प्रति वर्ष की दर से ब्याज।
153 रुद्रदमन सिंह, गोविंद कुंवर कमल सिंह पवार ऋण राशि: ₹.968000/- ऋण संख्या: HF0180H21100363
पटवारी हल्का संख्या 47, पटवारी हल्का संख्या 17, ग्राम महूडी सोम, तहसील बड़नगर... पूर्व - रोड, पश्चिम - अन्य का मकान, दक्षिण - कालू सिंह का मकान।
09/07/2025
रु. 1125714/- (ग्यारह लाख पच्चीस हजार सात सौ चौदह मात्र) साथ में भुगतान तक 16.6% प्रति वर्ष की दर से ब्याज।
154 लक्ष्मण पुत्र मांगीलाल, सीमा बाई ऋण राशि: ₹.500000/- ऋण संख्या: HL001800000050 05661
पटवारी हल्का संख्या 313, पटवारी हल्का संख्या 24, ग्राम बालमली, तहसील बड़नगर... पूर्व - रोड, पश्चिम - अन्य का मकान, दक्षिण - सड़क।
09/07/2025
रु. 855664/- (आठ लाख पचपन हजार छह सौ चौंसठ मात्र) साथ में भुगतान तक 16.6% प्रति वर्ष की दर से ब्याज।
155 राहुल जाट, पवन जाट ऋण राशि: ₹.675000/- ऋण संख्या: HL004720000000050 30458
पटवारी हल्का क्रमांक 414, पी.एच. क्रमांक 06, ग्राम - पिपलोदी, तहसील सोनकच्छ... पूर्व - रोड, पश्चिम - अन्य का मकान, दक्षिण - प्लॉट।
09/07/2025
₹ 1582395/- (पंद्रह लाख बयासी हजार तीन सौ पंचानवे मात्र) साथ में भुगतान तक 16.6% प्रति वर्ष की दर से ब्याज।
156 केसर सिंह, पिंता सोलंकी ऋण राशि: ₹.550000/- ऋण संख्या: HL004720000000050 16596
भूखंड/मकान संख्या 269, सर्वेक्षण संख्या 531 (रकबा 530), पी.एच. संख्या 02... पूर्व - रोड, पश्चिम - अन्य का मकान, दक्षिण - डाकिया का घर।
09/07/2025
रु. 614400/- (छह लाख चौदह हजार चार सौ मात्र) साथ में भुगतान तक 16.6% प्रति वर्ष की दर से ब्याज।
157 दिनेश पुत्र फकीरसिंह, संतोष सिंह परमार ऋण राशि: ₹.1000000/- ऋण संख्या: HL001800000005033 167
आपालपुर टोंड़ी, वार्ड क्रमांक 09 नहिदपुर, तहसील नहिदपुर, जिला उज्जैन... पूर्व - रोड, पश्चिम - अन्य का मकान, दक्षिण - आम रास्ता।
09/07/2025
रु. 1100709/- (ग्यारह लाख सात सौ नौ मात्र) साथ में भुगतान तक 16.6% प्रति वर्ष की दर से ब्याज।
158 जसराम सिंह, भूरी बाई ऋण राशि: ₹.600000/- ऋण संख्या: HL006290000000005 024070
सर्वेक्षण संख्या 02 पर मकान संख्या 101, आवास संपत्ति के सभी टुकड़े, ग्राम पंचायत... पूर्व - रोड, पश्चिम - अन्य का मकान, दक्षिण - सड़क।
09/07/2025
रु. 724324/- (सात लाख चौबीस हजार तीन सौ चौबीस मात्र) साथ में भुगतान तक 16.6% प्रति वर्ष की दर से ब्याज।
159 बब्बे सिंह चौधरी, तखुबाला बाई ऋण राशि: ₹.726750/- ऋण संख्या: HF0180H21100231
भूमि सर्वेक्षण क्रमांक 21 के अंतर्गत भूमि पर स्थित मकान, ग्राम मेलखेड़ा... पूर्व - रोड, पश्चिम - अन्य का मकान, दक्षिण - सड़क।
09/07/2025
₹ 853558/- (आठ लाख तिरेपन हजार पांच सौ अट्ठावन मात्र) साथ में भुगतान तक 16.6% प्रति वर्ष की दर से ब्याज।
160 बालचंद नारायण, ममता बालराम ऋण राशि: ₹.600000/- ऋण संख्या: HL001800000050 37196
प्लॉट/मकान संख्या 320 का पूरा टुकड़ा, वार्ड संख्या 14, ग्राम पंचायत... पूर्व - रोड, पश्चिम - अन्य का मकान, दक्षिण - सड़क।
09/07/2025
₹ 822887/- (आठ लाख बाईस हजार आठ सौ सत्तासी मात्र) साथ में भुगतान तक 16.6% प्रति वर्ष की दर से ब्याज।
161 संकटलाल, राधाबाई संकटलाल ऋण राशि: ₹.1155000/- ऋण संख्या: HL004720000000050 40409
भूखंड/मकान संख्या 345 का पूरा टुकड़ा, ग्राम पंचायत, तहसील व जिला देवास... पूर्व - रोड, पश्चिम - अन्य का मकान, दक्षिण - प्लॉट।
09/07/2025
रु. 1346305/- (तेरह लाख छियालीस हजार तीन सौ पांच मात्र) साथ में भुगतान तक 16.6% प्रति वर्ष की दर से ब्याज।
162 महेंद्र नारायण, रमाबाई महेंद्र ऋण राशि: ₹.500000/- ऋण संख्या: HF0135H20100283
भूमि/मकान संख्या 24, ग्राम बलराजगढ़, पुलिस चौकी संख्या 48... पूर्व - रोड, पश्चिम - अन्य का मकान, दक्षिण - प्लॉट। कुल क्षेत्रफल 1625 वर्ग फीट।
09/07/2025
रु. 563164/- (पांच लाख तिरेसठ हजार एक सौ चौंसठ मात्र) साथ में भुगतान तक 17.35% प्रति वर्ष की दर से ब्याज।
163 सुरेन्द्र सिंह, किरण कुंवर ऋण राशि: ₹.600000/- ऋण संख्या: HL001800000050 38088
आवासीय मकान संख्या 31 का वह पूरा टुकड़ा, क्षेत्रफल 2000 वर्ग फुट... पूर्व - रोड, पश्चिम - अन्य का मकान, दक्षिण - गली। कुल क्षेत्रफल 185.80 वर्ग मीटर।
09/07/2025
रु. 1271054/- (बारह लाख इकहत्तर हजार चौवन मात्र) साथ में भुगतान तक 16.6% प्रति वर्ष की दर से ब्याज।
164 अंशु सूद, कीर्ति सोंग, राजेंद्र कुमार ऋण राशि: ₹.690000/- ऋण संख्या: HF0135H21100095
गृह संख्या 23, मकान संख्या 226, सर्वे संख्या 09 का पूरा टुकड़ा... पूर्व - रोड, पश्चिम - अन्य का मकान, दक्षिण - प्लॉट। कुल क्षेत्रफल 40x36 = 1440 वर्ग फुट।
09/07/2025
₹ 677771/- (छह लाख सतहत्तर हजार सात सौ इकहत्तर मात्र) साथ में भुगतान तक 16.6% प्रति वर्ष की दर से ब्याज।
165 संजय राजल, रिंकी बाई ऋण राशि: ₹.1000000/- ऋण संख्या: HL005570000000050 05751
मकान संख्या 30, सिटुआबाजार, ग्राम पंचायत, पुलिस चौकी संख्या 21, तहसील बड़नगर... पूर्व - रोड, पश्चिम - अन्य का मकान, दक्षिण - बालूलाल का मकान।
09/07/2025
रु. 1219962/- (बारह लाख उन्नीस हजार नौ सौ बासठ मात्र) साथ में भुगतान तक 17.35% प्रति वर्ष की दर से ब्याज।
166 मनोहर भाटी, मंजू भाटी ऋण राशि: ₹.600000/- ऋण संख्या: HL001800000050 40405
आवासीय मकान संख्या 842 पर स्थित प्लॉट/मकान संख्या 16 का पूरा टुकड़ा... पूर्व - रोड, पश्चिम - अन्य का मकान, उत्तर - रोड, दक्षिण - सड़क।
09/07/2025
रु. 689954/- (छह लाख नवासी हजार नौ सौ चौवन मात्र) साथ में भुगतान तक 16.6% प्रति वर्ष की दर से ब्याज।
167 अमर सिंह, नैनाकुंवर अमर सिंह ऋण राशि: ₹.600000/- ऋण संख्या: HL004720000000050 20100744
पटवारी हल्का संख्या 03, पटवारी हल्का संख्या 61 पर स्थित भूमि... पूर्व - रोड, पश्चिम - अन्य का मकान, दक्षिण - प्लॉट। कुल क्षेत्रफल 1627 वर्ग फुट।
09/07/2025
₹ 710000/- (सात लाख दस हजार मात्र) साथ में भुगतान तक 17.35% प्रति वर्ष की दर से ब्याज।
168 गुरुसिंह राठौर, राम कुंवर गुरुसिंह ऋण राशि: ₹.600000/- ऋण संख्या: HL004720000000050 20240
मकान संख्या 76, ग्राम आबादी सर्वे संख्या 665, गोपालगढ़, तहसील व जिला देवास... पूर्व - रोड, पश्चिम - अन्य का मकान, दक्षिण - प्लॉट। कुल क्षेत्रफल 1500.00 वर्ग फुट।
09/07/2025
रु. 763608/- (सात लाख तिरेसठ हजार छह सौ आठ मात्र) साथ में भुगतान तक 16.6% प्रति वर्ष की दर से ब्याज।
